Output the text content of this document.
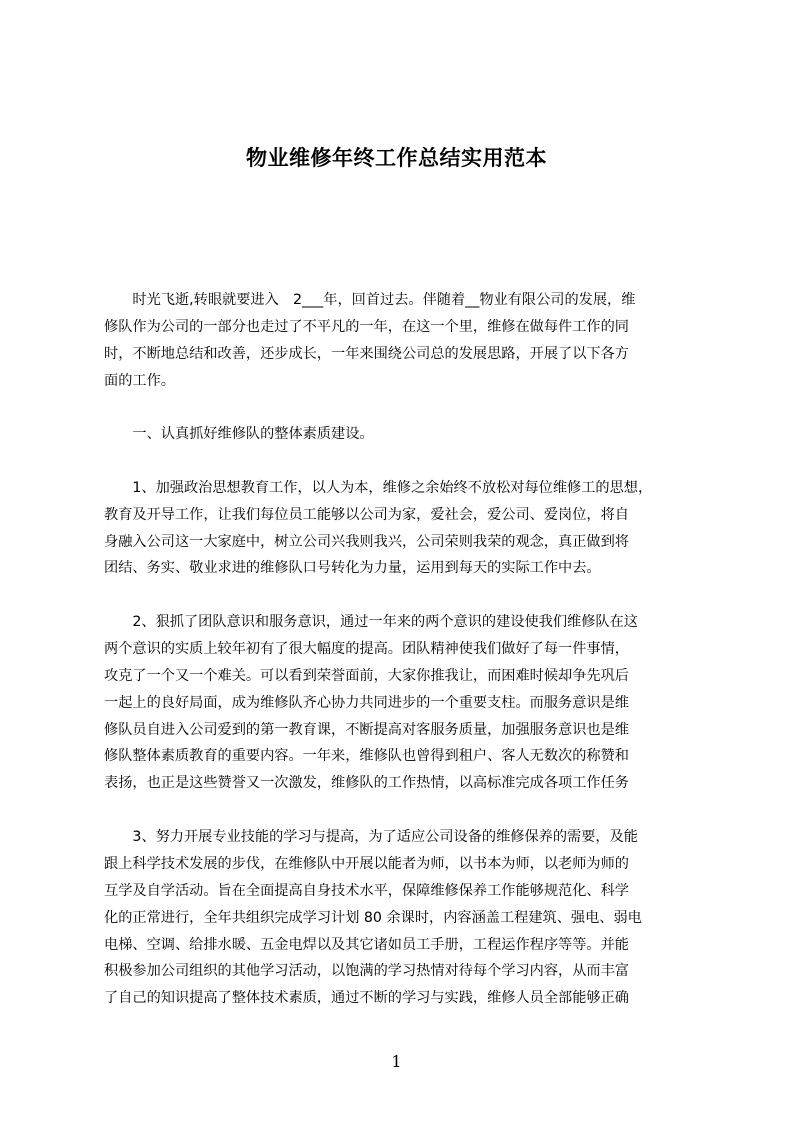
物业维修年终工作总结实用范本
　　时光飞逝,转眼就要进入　2___年，回首过去。伴随着__物业有限公司的发展，维
修队作为公司的一部分也走过了不平凡的一年，在这一个里，维修在做每件工作的同
时，不断地总结和改善，还步成长，一年来围绕公司总的发展思路，开展了以下各方
面的工作。
　　一、认真抓好维修队的整体素质建设。
　　1、加强政治思想教育工作，以人为本，维修之余始终不放松对每位维修工的思想，
教育及开导工作，让我们每位员工能够以公司为家，爱社会，爱公司、爱岗位，将自
身融入公司这一大家庭中，树立公司兴我则我兴，公司荣则我荣的观念，真正做到将
团结、务实、敬业求进的维修队口号转化为力量，运用到每天的实际工作中去。
　　2、狠抓了团队意识和服务意识，通过一年来的两个意识的建设使我们维修队在这
两个意识的实质上较年初有了很大幅度的提高。团队精神使我们做好了每一件事情，
攻克了一个又一个难关。可以看到荣誉面前，大家你推我让，而困难时候却争先巩后
一起上的良好局面，成为维修队齐心协力共同进步的一个重要支柱。而服务意识是维
修队员自进入公司爱到的第一教育课，不断提高对客服务质量，加强服务意识也是维
修队整体素质教育的重要内容。一年来，维修队也曾得到租户、客人无数次的称赞和
表扬，也正是这些赞誉又一次激发，维修队的工作热情，以高标准完成各项工作任务
　　3、努力开展专业技能的学习与提高，为了适应公司设备的维修保养的需要，及能
跟上科学技术发展的步伐，在维修队中开展以能者为师，以书本为师，以老师为师的
互学及自学活动。旨在全面提高自身技术水平，保障维修保养工作能够规范化、科学
化的正常进行，全年共组织完成学习计划 80 余课时，内容涵盖工程建筑、强电、弱电
电梯、空调、给排水暖、五金电焊以及其它诸如员工手册，工程运作程序等等。并能
积极参加公司组织的其他学习活动，以饱满的学习热情对待每个学习内容，从而丰富
了自己的知识提高了整体技术素质，通过不断的学习与实践，维修人员全部能够正确
1
